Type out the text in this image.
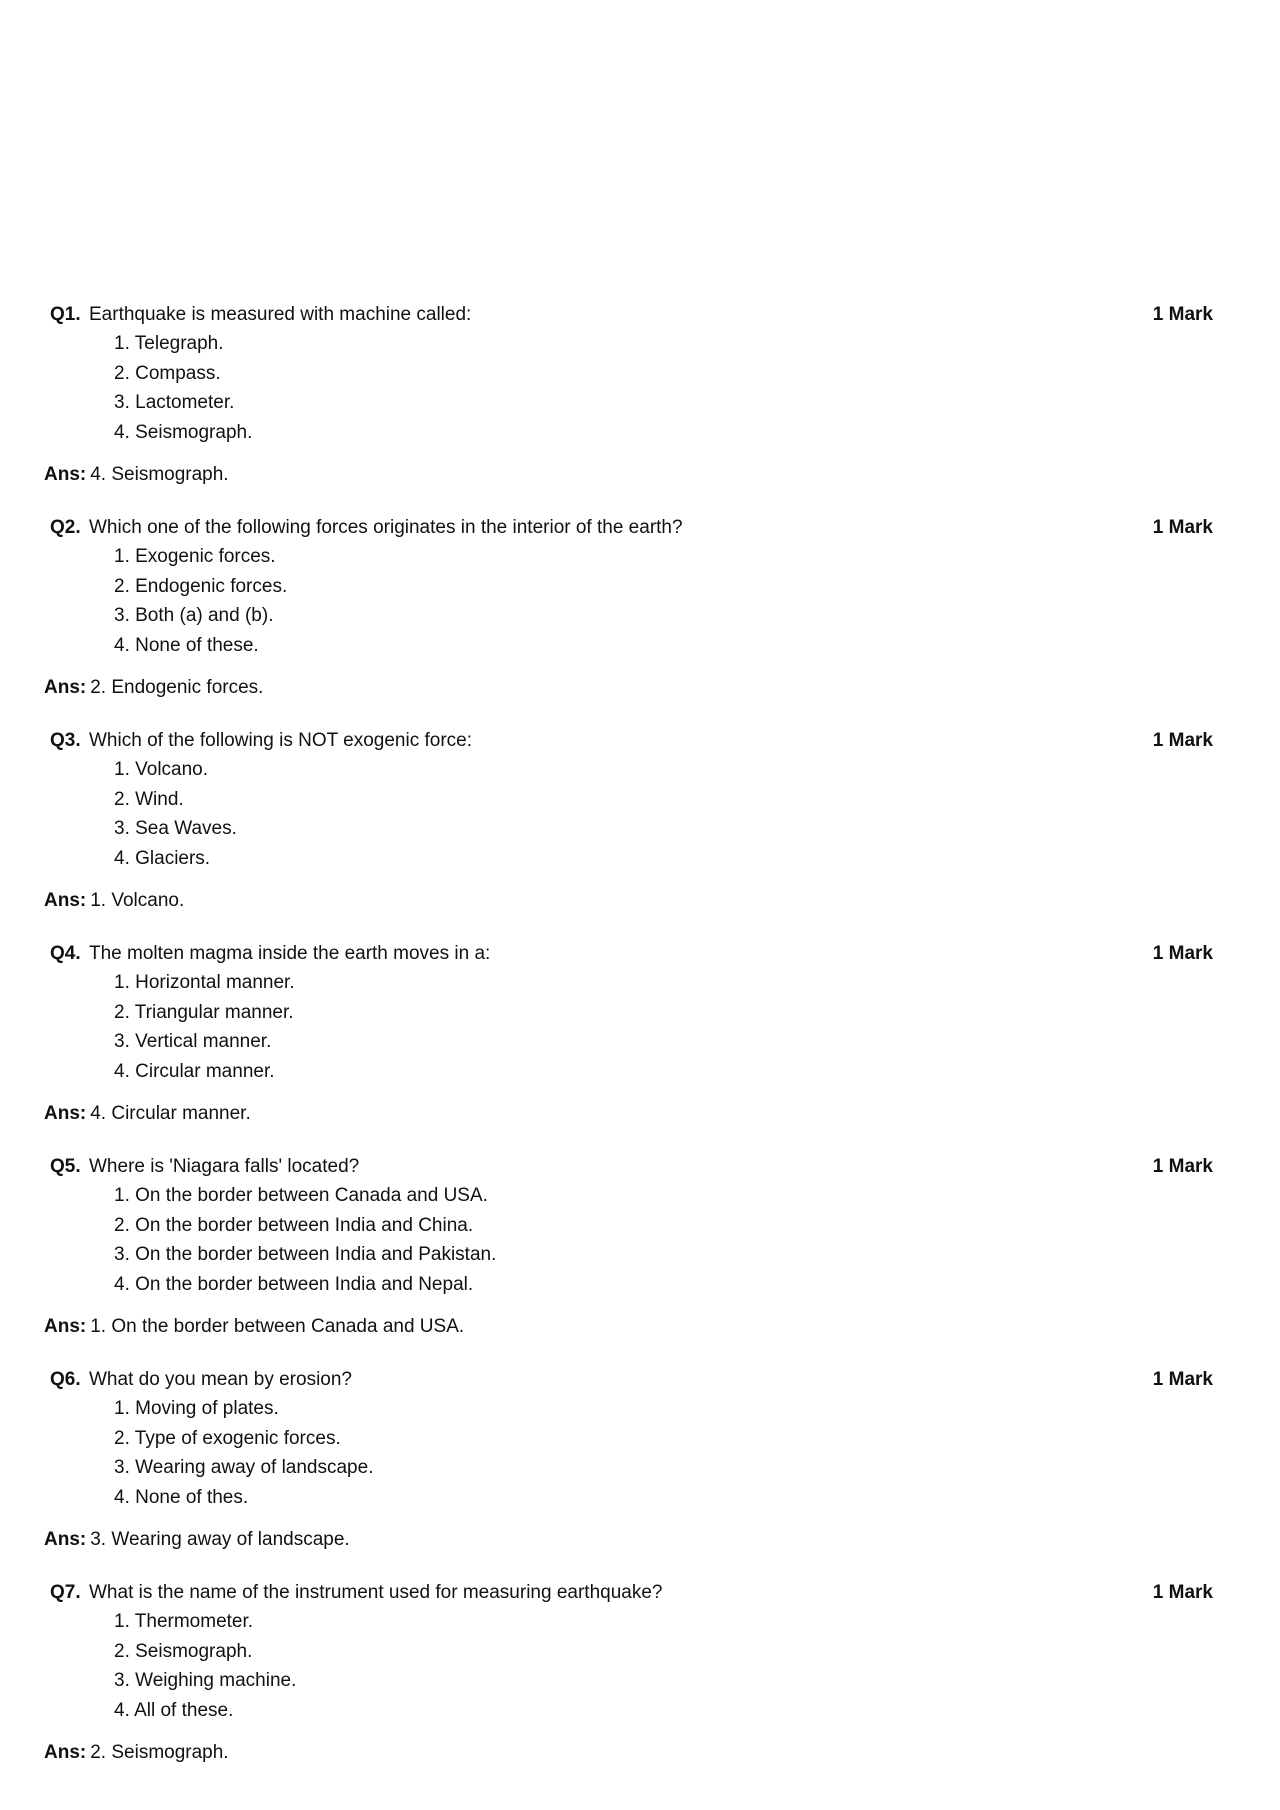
Q1. Earthquake is measured with machine called:	1 Mark
1. Telegraph.
2. Compass.
3. Lactometer.
4. Seismograph.
Ans: 4. Seismograph.
Q2. Which one of the following forces originates in the interior of the earth?	1 Mark
1. Exogenic forces.
2. Endogenic forces.
3. Both (a) and (b).
4. None of these.
Ans: 2. Endogenic forces.
Q3. Which of the following is NOT exogenic force:	1 Mark
1. Volcano.
2. Wind.
3. Sea Waves.
4. Glaciers.
Ans: 1. Volcano.
Q4. The molten magma inside the earth moves in a:	1 Mark
1. Horizontal manner.
2. Triangular manner.
3. Vertical manner.
4. Circular manner.
Ans: 4. Circular manner.
Q5. Where is 'Niagara falls' located?	1 Mark
1. On the border between Canada and USA.
2. On the border between India and China.
3. On the border between India and Pakistan.
4. On the border between India and Nepal.
Ans: 1. On the border between Canada and USA.
Q6. What do you mean by erosion?	1 Mark
1. Moving of plates.
2. Type of exogenic forces.
3. Wearing away of landscape.
4. None of thes.
Ans: 3. Wearing away of landscape.
Q7. What is the name of the instrument used for measuring earthquake?	1 Mark
1. Thermometer.
2. Seismograph.
3. Weighing machine.
4. All of these.
Ans: 2. Seismograph.
